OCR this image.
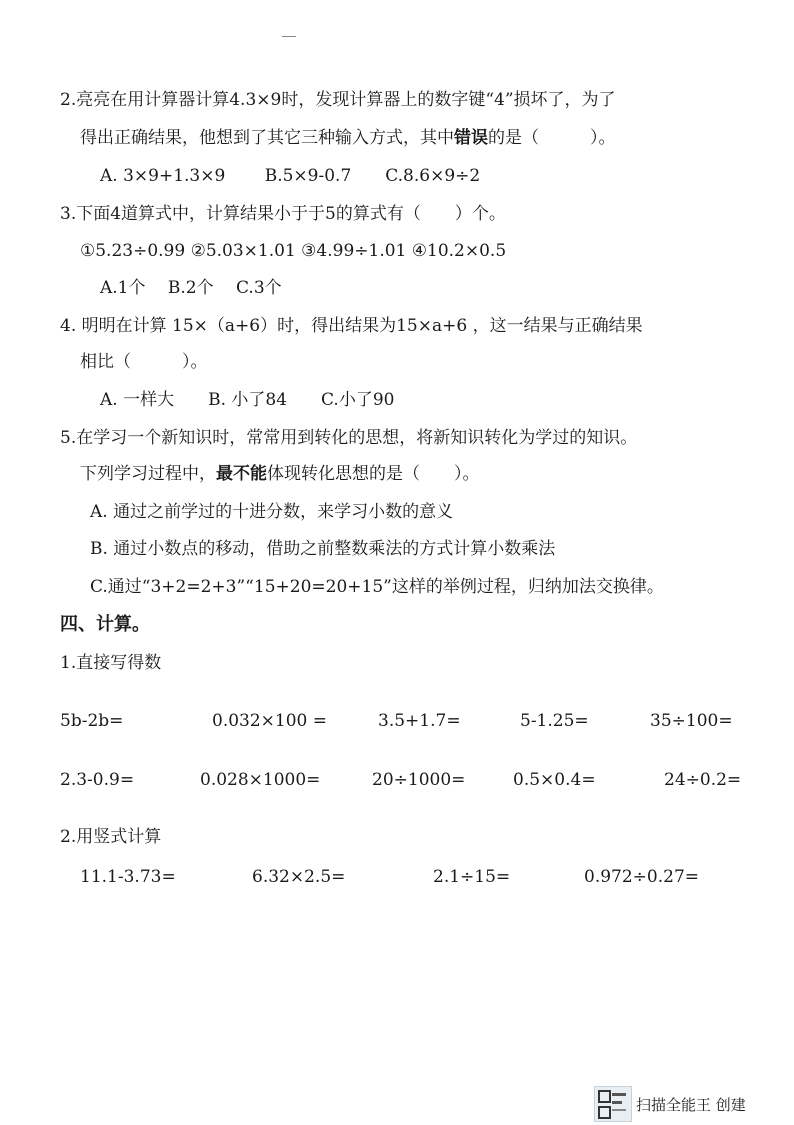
2.亮亮在用计算器计算4.3×9时，发现计算器上的数字键“4”损坏了，为了
得出正确结果，他想到了其它三种输入方式，其中错误的是（　　　）。
A. 3×9+1.3×9　　 B.5×9-0.7　　C.8.6×9÷2
3.下面4道算式中，计算结果小于于5的算式有（　　）个。
①5.23÷0.99 ②5.03×1.01 ③4.99÷1.01 ④10.2×0.5
A.1个　 B.2个　 C.3个
4. 明明在计算 15×（a+6）时，得出结果为15×a+6 ，这一结果与正确结果
相比（　　　）。
A. 一样大　　B. 小了84　　C.小了90
5.在学习一个新知识时，常常用到转化的思想，将新知识转化为学过的知识。
下列学习过程中，最不能体现转化思想的是（　　）。
A. 通过之前学过的十进分数，来学习小数的意义
B. 通过小数点的移动，借助之前整数乘法的方式计算小数乘法
C.通过“3+2=2+3”“15+20=20+15”这样的举例过程，归纳加法交换律。
四、计算。
1.直接写得数
5b-2b=	0.032×100 =	3.5+1.7=	5-1.25=	35÷100=
2.3-0.9=	0.028×1000=	20÷1000=	0.5×0.4=	24÷0.2=
2.用竖式计算
11.1-3.73=	6.32×2.5=	2.1÷15=	0.972÷0.27=
扫描全能王 创建
